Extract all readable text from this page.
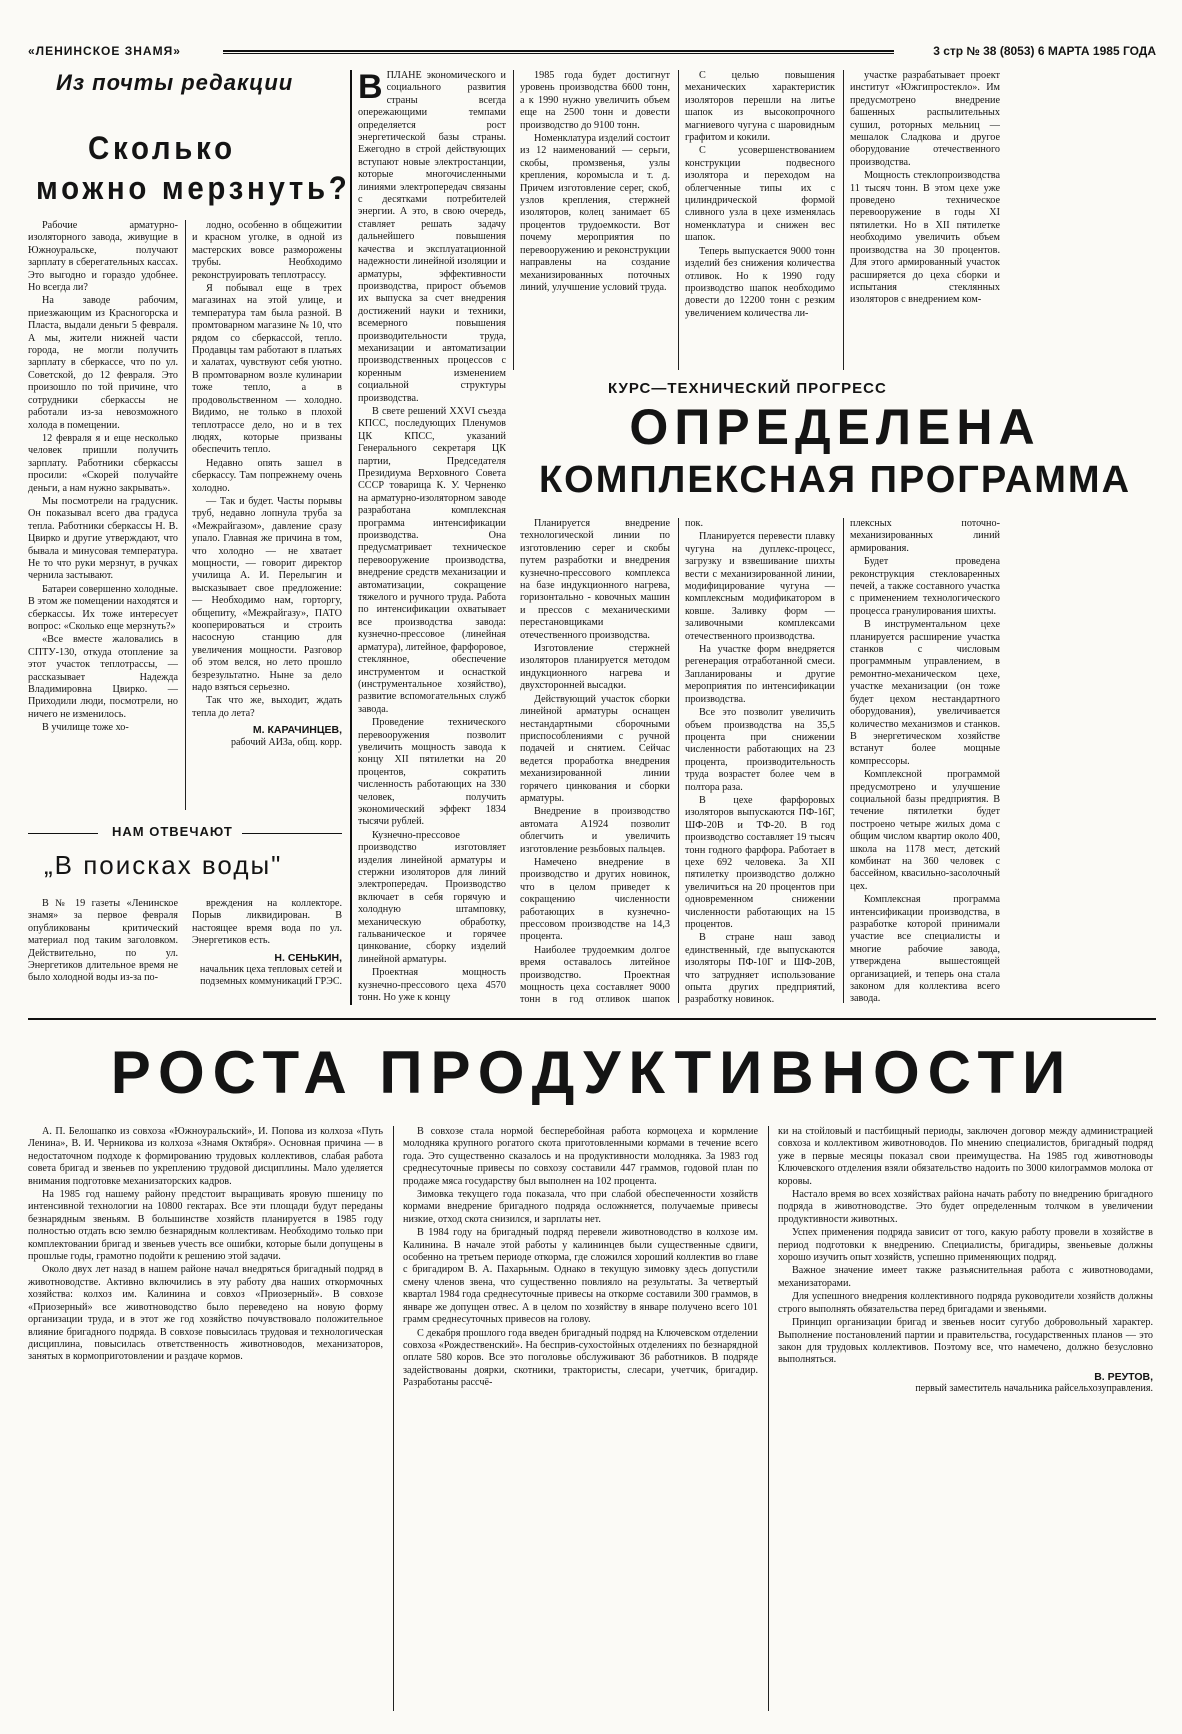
«ЛЕНИНСКОЕ ЗНАМЯ»	3 стр № 38 (8053) 6 МАРТА 1985 ГОДА
Из почты редакции
Сколько
можно мерзнуть?

Рабочие арматурно-изоляторного завода, живущие в Южноуральске, получают зарплату в сберегательных кассах. Это выгодно и гораздо удобнее. Но всегда ли?

На заводе рабочим, приезжающим из Красногорска и Пласта, выдали деньги 5 февраля. А мы, жители нижней части города, не могли получить зарплату в сберкассе, что по ул. Советской, до 12 февраля. Это произошло по той причине, что сотрудники сберкассы не работали из-за невозможного холода в помещении.

12 февраля я и еще несколько человек пришли получить зарплату. Работники сберкассы просили: «Скорей получайте деньги, а нам нужно закрывать».

Мы посмотрели на градусник. Он показывал всего два градуса тепла. Работники сберкассы Н. В. Цвирко и другие утверждают, что бывала и минусовая температура. Не то что руки мерзнут, в ручках чернила застывают.

Батареи совершенно холодные. В этом же помещении находятся и сберкассы. Их тоже интересует вопрос: «Сколько еще мерзнуть?»

«Все вместе жаловались в СПТУ-130, откуда отопление за этот участок теплотрассы, — рассказывает Надежда Владимировна Цвирко. — Приходили люди, посмотрели, но ничего не изменилось.

В училище тоже хо-

лодно, особенно в общежитии и красном уголке, в одной из мастерских вовсе разморожены трубы. Необходимо реконструировать теплотрассу.

Я побывал еще в трех магазинах на этой улице, и температура там была разной. В промтоварном магазине № 10, что рядом со сберкассой, тепло. Продавцы там работают в платьях и халатах, чувствуют себя уютно. В промтоварном возле кулинарии тоже тепло, а в продовольственном — холодно. Видимо, не только в плохой теплотрассе дело, но и в тех людях, которые призваны обеспечить тепло.

Недавно опять зашел в сберкассу. Там попрежнему очень холодно.

— Так и будет. Часты порывы труб, недавно лопнула труба за «Межрайгазом», давление сразу упало. Главная же причина в том, что холодно — не хватает мощности, — говорит директор училища А. И. Перелыгин и высказывает свое предложение: — Необходимо нам, горторгу, общепиту, «Межрайгазу», ПАТО кооперироваться и строить насосную станцию для увеличения мощности. Разговор об этом велся, но лето прошло безрезультатно. Ныне за дело надо взяться серьезно.

Так что же, выходит, ждать тепла до лета?

М. КАРАЧИНЦЕВ,
рабочий АИЗа, общ. корр.
НАМ ОТВЕЧАЮТ
„В поисках воды"

В № 19 газеты «Ленинское знамя» за первое февраля опубликованы критический материал под таким заголовком. Действительно, по ул. Энергетиков длительное время не было холодной воды из-за по-

вреждения на коллекторе. Порыв ликвидирован. В настоящее время вода по ул. Энергетиков есть.

Н. СЕНЬКИН,
начальник цеха тепловых сетей и подземных коммуникаций ГРЭС.

В ПЛАНЕ экономического и социального развития страны всегда опережающими темпами определяется рост энергетической базы страны. Ежегодно в строй действующих вступают новые электростанции, которые многочисленными линиями электропередач связаны с десятками потребителей энергии. А это, в свою очередь, ставляет решать задачу дальнейшего повышения качества и эксплуатационной надежности линейной изоляции и арматуры, эффективности производства, прирост объемов их выпуска за счет внедрения достижений науки и техники, всемерного повышения производительности труда, механизации и автоматизации производственных процессов с коренным изменением социальной структуры производства.

В свете решений XXVI съезда КПСС, последующих Пленумов ЦК КПСС, указаний Генерального секретаря ЦК партии, Председателя Президиума Верховного Совета СССР товарища К. У. Черненко на арматурно-изоляторном заводе разработана комплексная программа интенсификации производства. Она предусматривает техническое перевооружение производства, внедрение средств механизации и автоматизации, сокращение тяжелого и ручного труда. Работа по интенсификации охватывает все производства завода: кузнечно-прессовое (линейная арматура), литейное, фарфоровое, стеклянное, обеспечение инструментом и оснасткой (инструментальное хозяйство), развитие вспомогательных служб завода.

Проведение технического перевооружения позволит увеличить мощность завода к концу XII пятилетки на 20 процентов, сократить численность работающих на 330 человек, получить экономический эффект 1834 тысячи рублей.

Кузнечно-прессовое производство изготовляет изделия линейной арматуры и стержни изоляторов для линий электропередач. Производство включает в себя горячую и холодную штамповку, механическую обработку, гальваническое и горячее цинкование, сборку изделий линейной арматуры.

Проектная мощность кузнечно-прессового цеха 4570 тонн. Но уже к концу

1985 года будет достигнут уровень производства 6600 тонн, а к 1990 нужно увеличить объем еще на 2500 тонн и довести производство до 9100 тонн.

Номенклатура изделий состоит из 12 наименований — серьги, скобы, промзвенья, узлы крепления, коромысла и т. д. Причем изготовление серег, скоб, узлов крепления, стержней изоляторов, колец занимает 65 процентов трудоемкости. Вот почему мероприятия по перевооружению и реконструкции направлены на создание механизированных поточных линий, улучшение условий труда.

С целью повышения механических характеристик изоляторов перешли на литье шапок из высокопрочного магниевого чугуна с шаровидным графитом и кокили.

С усовершенствованием конструкции подвесного изолятора и переходом на облегченные типы их с цилиндрической формой сливного узла в цехе изменялась номенклатура и снижен вес шапок.

Теперь выпускается 9000 тонн изделий без снижения количества отливок. Но к 1990 году производство шапок необходимо довести до 12200 тонн с резким увеличением количества ли-

участке разрабатывает проект институт «Южгипростекло». Им предусмотрено внедрение башенных распылительных сушил, роторных мельниц — мешалок Сладкова и другое оборудование отечественного производства.

Мощность стеклопроизводства 11 тысяч тонн. В этом цехе уже проведено техническое перевооружение в годы XI пятилетки. Но в XII пятилетке необходимо увеличить объем производства на 30 процентов. Для этого армированный участок расширяется до цеха сборки и испытания стеклянных изоляторов с внедрением ком-

КУРС—ТЕХНИЧЕСКИЙ ПРОГРЕСС
ОПРЕДЕЛЕНА
КОМПЛЕКСНАЯ ПРОГРАММА

Планируется внедрение технологической линии по изготовлению серег и скобы путем разработки и внедрения кузнечно-прессового комплекса на базе индукционного нагрева, горизонтально - ковочных машин и прессов с механическими перестановщиками отечественного производства.

Изготовление стержней изоляторов планируется методом индукционного нагрева и двухсторонней высадки.

Действующий участок сборки линейной арматуры оснащен нестандартными сборочными приспособлениями с ручной подачей и снятием. Сейчас ведется проработка внедрения механизированной линии горячего цинкования и сборки арматуры.

Внедрение в производство автомата А1924 позволит облегчить и увеличить изготовление резьбовых пальцев.

Намечено внедрение в производство и других новинок, что в целом приведет к сокращению численности работающих в кузнечно-прессовом производстве на 14,3 процента.

Наиболее трудоемким долгое время оставалось литейное производство. Проектная мощность цеха составляет 9000 тонн в год отливок шапок

пок.

Планируется перевести плавку чугуна на дуплекс-процесс, загрузку и взвешивание шихты вести с механизированной линии, модифицирование чугуна — комплексным модификатором в ковше. Заливку форм — заливочными комплексами отечественного производства.

На участке форм внедряется регенерация отработанной смеси. Запланированы и другие мероприятия по интенсификации производства.

Все это позволит увеличить объем производства на 35,5 процента при снижении численности работающих на 23 процента, производительность труда возрастет более чем в полтора раза.

В цехе фарфоровых изоляторов выпускаются ПФ-16Г, ШФ-20В и ТФ-20. В год производство составляет 19 тысяч тонн годного фарфора. Работает в цехе 692 человека. За XII пятилетку производство должно увеличиться на 20 процентов при одновременном снижении численности работающих на 15 процентов.

В стране наш завод единственный, где выпускаются изоляторы ПФ-10Г и ШФ-20В, что затрудняет использование опыта других предприятий, разработку новинок.

плексных поточно-механизированных линий армирования.

Будет проведена реконструкция стекловаренных печей, а также составного участка с применением технологического процесса гранулирования шихты.

В инструментальном цехе планируется расширение участка станков с числовым программным управлением, в ремонтно-механическом цехе, участке механизации (он тоже будет цехом нестандартного оборудования), увеличивается количество механизмов и станков. В энергетическом хозяйстве встанут более мощные компрессоры.

Комплексной программой предусмотрено и улучшение социальной базы предприятия. В течение пятилетки будет построено четыре жилых дома с общим числом квартир около 400, школа на 1178 мест, детский комбинат на 360 человек с бассейном, квасильно-засолочный цех.

Комплексная программа интенсификации производства, в разработке которой принимали участие все специалисты и многие рабочие завода, утверждена вышестоящей организацией, и теперь она стала законом для коллектива всего завода.

РОСТА ПРОДУКТИВНОСТИ

А. П. Белошапко из совхоза «Южноуральский», И. Попова из колхоза «Путь Ленина», В. И. Черникова из колхоза «Знамя Октября». Основная причина — в недостаточном подходе к формированию трудовых коллективов, слабая работа совета бригад и звеньев по укреплению трудовой дисциплины. Мало уделяется внимания подготовке механизаторских кадров.

На 1985 год нашему району предстоит выращивать яровую пшеницу по интенсивной технологии на 10800 гектарах. Все эти площади будут переданы безнарядным звеньям. В большинстве хозяйств планируется в 1985 году полностью отдать всю землю безнарядным коллективам. Необходимо только при комплектовании бригад и звеньев учесть все ошибки, которые были допущены в прошлые годы, грамотно подойти к решению этой задачи.

Около двух лет назад в нашем районе начал внедряться бригадный подряд в животноводстве. Активно включились в эту работу два наших откормочных хозяйства: колхоз им. Калинина и совхоз «Приозерный». В совхозе «Приозерный» все животноводство было переведено на новую форму организации труда, и в этот же год хозяйство почувствовало положительное влияние бригадного подряда. В совхозе повысилась трудовая и технологическая дисциплина, повысилась ответственность животноводов, механизаторов, занятых в кормоприготовлении и раздаче кормов.

В совхозе стала нормой бесперебойная работа кормоцеха и кормление молодняка крупного рогатого скота приготовленными кормами в течение всего года. Это существенно сказалось и на продуктивности молодняка. За 1983 год среднесуточные привесы по совхозу составили 447 граммов, годовой план по продаже мяса государству был выполнен на 102 процента.

Зимовка текущего года показала, что при слабой обеспеченности хозяйств кормами внедрение бригадного подряда осложняется, получаемые привесы низкие, отход скота снизился, и зарплаты нет.

В 1984 году на бригадный подряд перевели животноводство в колхозе им. Калинина. В начале этой работы у калининцев были существенные сдвиги, особенно на третьем периоде откорма, где сложился хороший коллектив во главе с бригадиром В. А. Пахарьным. Однако в текущую зимовку здесь допустили смену членов звена, что существенно повлияло на результаты. За четвертый квартал 1984 года среднесуточные привесы на откорме составили 300 граммов, в январе же допущен отвес. А в целом по хозяйству в январе получено всего 101 грамм среднесуточных привесов на голову.

С декабря прошлого года введен бригадный подряд на Ключевском отделении совхоза «Рождественский». На бесприв-сухостойных отделениях по безнарядной оплате 580 коров. Все это поголовье обслуживают 36 работников. В подряде задействованы доярки, скотники, трактористы, слесари, учетчик, бригадир. Разработаны рассчё-

ки на стойловый и пастбищный периоды, заключен договор между администрацией совхоза и коллективом животноводов. По мнению специалистов, бригадный подряд уже в первые месяцы показал свои преимущества. На 1985 год животноводы Ключевского отделения взяли обязательство надоить по 3000 килограммов молока от коровы.

Настало время во всех хозяйствах района начать работу по внедрению бригадного подряда в животноводстве. Это будет определенным толчком в увеличении продуктивности животных.

Успех применения подряда зависит от того, какую работу провели в хозяйстве в период подготовки к внедрению. Специалисты, бригадиры, звеньевые должны хорошо изучить опыт хозяйств, успешно применяющих подряд.

Важное значение имеет также разъяснительная работа с животноводами, механизаторами.

Для успешного внедрения коллективного подряда руководители хозяйств должны строго выполнять обязательства перед бригадами и звеньями.

Принцип организации бригад и звеньев носит сугубо добровольный характер. Выполнение постановлений партии и правительства, государственных планов — это закон для трудовых коллективов. Поэтому все, что намечено, должно безусловно выполняться.

В. РЕУТОВ,
первый заместитель начальника райсельхозуправления.
